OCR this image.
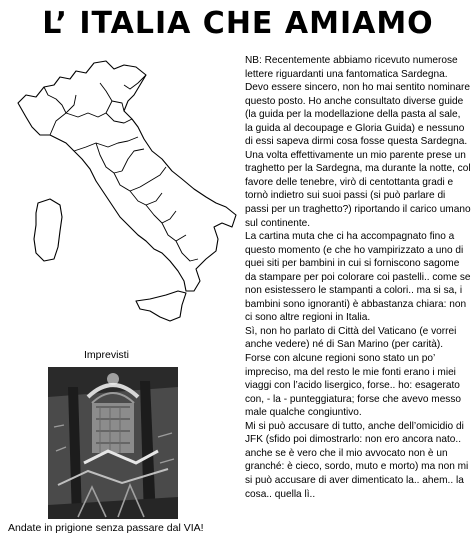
L’ ITALIA CHE AMIAMO
Imprevisti
Andate in prigione senza passare dal VIA!

NB: Recentemente abbiamo ricevuto numerose lettere riguardanti una fantomatica Sardegna. Devo essere sincero, non ho mai sentito nominare questo posto. Ho anche consultato diverse guide (la guida per la modellazione della pasta al sale, la guida al decoupage e Gloria Guida) e nessuno di essi sapeva dirmi cosa fosse questa Sardegna. Una volta effettivamente un mio parente prese un traghetto per la Sardegna, ma durante la notte, col favore delle tenebre, virò di centottanta gradi e tornò indietro sui suoi passi (si può parlare di passi per un traghetto?) riportando il carico umano sul continente.

La cartina muta che ci ha accompagnato fino a questo momento (e che ho vampirizzato a uno di quei siti per bambini in cui si forniscono sagome da stampare per poi colorare coi pastelli.. come se non esistessero le stampanti a colori.. ma si sa, i bambini sono ignoranti) è abbastanza chiara: non ci sono altre regioni in Italia.

Sì, non ho parlato di Città del Vaticano (e vorrei anche vedere) né di San Marino (per carità).

Forse con alcune regioni sono stato un po’ impreciso, ma del resto le mie fonti erano i miei viaggi con l’acido lisergico, forse.. ho: esagerato con, - la - punteggiatura; forse che avevo messo male qualche congiuntivo.

Mi si può accusare di tutto, anche dell’omicidio di JFK (sfido poi dimostrarlo: non ero ancora nato.. anche se è vero che il mio avvocato non è un granché: è cieco, sordo, muto e morto) ma non mi si può accusare di aver dimenticato la.. ahem.. la cosa.. quella lì..
